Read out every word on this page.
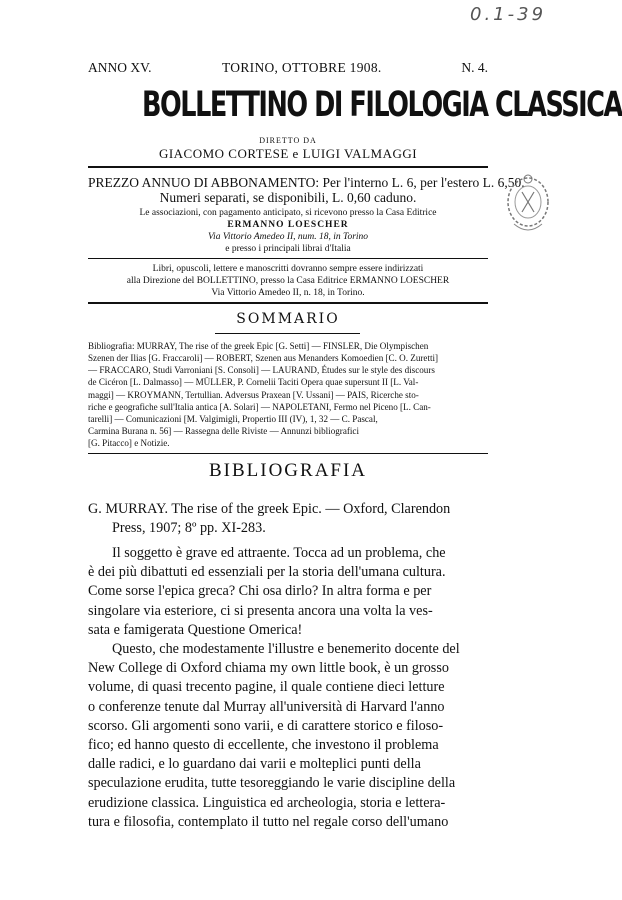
0.1-39
ANNO XV.	TORINO, OTTOBRE 1908.	N. 4.
BOLLETTINO DI FILOLOGIA CLASSICA
DIRETTO DA
GIACOMO CORTESE e LUIGI VALMAGGI
PREZZO ANNUO DI ABBONAMENTO: Per l'interno L. 6, per l'estero L. 6,50.
Numeri separati, se disponibili, L. 0,60 caduno.
Le associazioni, con pagamento anticipato, si ricevono presso la Casa Editrice
ERMANNO LOESCHER
Via Vittorio Amedeo II, num. 18, in Torino
e presso i principali librai d'Italia
Libri, opuscoli, lettere e manoscritti dovranno sempre essere indirizzati
alla Direzione del BOLLETTINO, presso la Casa Editrice ERMANNO LOESCHER
Via Vittorio Amedeo II, n. 18, in Torino.
SOMMARIO
Bibliografia: MURRAY, The rise of the greek Epic [G. Setti] — FINSLER, Die Olympischen
Szenen der Ilias [G. Fraccaroli] — ROBERT, Szenen aus Menanders Komoedien [C. O. Zuretti]
— FRACCARO, Studi Varroniani [S. Consoli] — LAURAND, Études sur le style des discours
de Cicéron [L. Dalmasso] — MÜLLER, P. Cornelii Taciti Opera quae supersunt II [L. Val-
maggi] — KROYMANN, Tertullian. Adversus Praxean [V. Ussani] — PAIS, Ricerche sto-
riche e geografiche sull'Italia antica [A. Solari] — NAPOLETANI, Fermo nel Piceno [L. Can-
tarelli] — Comunicazioni [M. Valgimigli, Propertio III (IV), 1, 32 — C. Pascal,
Carmina Burana n. 56] — Rassegna delle Riviste — Annunzi bibliografici
[G. Pitacco] e Notizie.
BIBLIOGRAFIA
G. MURRAY. The rise of the greek Epic. — Oxford, Clarendon
Press, 1907; 8º pp. XI-283.
Il soggetto è grave ed attraente. Tocca ad un problema, che
è dei più dibattuti ed essenziali per la storia dell'umana cultura.
Come sorse l'epica greca? Chi osa dirlo? In altra forma e per
singolare via esteriore, ci si presenta ancora una volta la ves-
sata e famigerata Questione Omerica!
Questo, che modestamente l'illustre e benemerito docente del
New College di Oxford chiama my own little book, è un grosso
volume, di quasi trecento pagine, il quale contiene dieci letture
o conferenze tenute dal Murray all'università di Harvard l'anno
scorso. Gli argomenti sono varii, e di carattere storico e filoso-
fico; ed hanno questo di eccellente, che investono il problema
dalle radici, e lo guardano dai varii e molteplici punti della
speculazione erudita, tutte tesoreggiando le varie discipline della
erudizione classica. Linguistica ed archeologia, storia e lettera-
tura e filosofia, contemplato il tutto nel regale corso dell'umano
